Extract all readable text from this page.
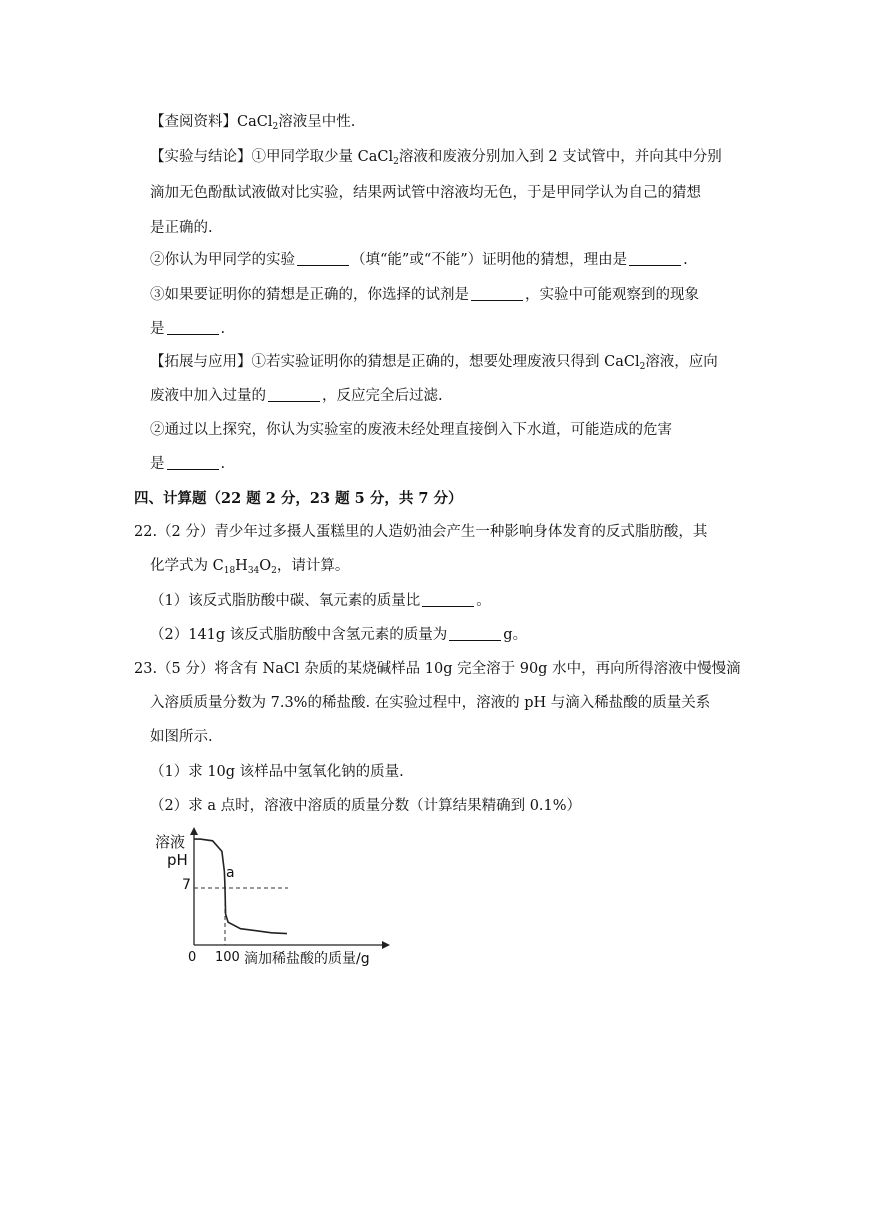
【查阅资料】CaCl$_2$溶液呈中性.
【实验与结论】①甲同学取少量 CaCl$_2$溶液和废液分别加入到 2 支试管中，并向其中分别
滴加无色酚酞试液做对比实验，结果两试管中溶液均无色，于是甲同学认为自己的猜想
是正确的.
②你认为甲同学的实验	（填“能”或“不能”）证明他的猜想，理由是	.
③如果要证明你的猜想是正确的，你选择的试剂是	，实验中可能观察到的现象
是	.
【拓展与应用】①若实验证明你的猜想是正确的，想要处理废液只得到 CaCl$_2$溶液，应向
废液中加入过量的	，反应完全后过滤.
②通过以上探究，你认为实验室的废液未经处理直接倒入下水道，可能造成的危害
是	.
四、计算题（22 题 2 分，23 题 5 分，共 7 分）
22.（2 分）青少年过多摄人蛋糕里的人造奶油会产生一种影响身体发育的反式脂肪酸，其
化学式为 $C_{18}H_{34}O_2$，请计算。
（1）该反式脂肪酸中碳、氧元素的质量比	。
（2）141g 该反式脂肪酸中含氢元素的质量为	g。
23.（5 分）将含有 NaCl 杂质的某烧碱样品 10g 完全溶于 90g 水中，再向所得溶液中慢慢滴
入溶质质量分数为 7.3%的稀盐酸. 在实验过程中，溶液的 pH 与滴入稀盐酸的质量关系
如图所示.
（1）求 10g 该样品中氢氧化钠的质量.
（2）求 a 点时，溶液中溶质的质量分数（计算结果精确到 0.1%）
溶液
pH
7
a
0 100 滴加稀盐酸的质量/g
